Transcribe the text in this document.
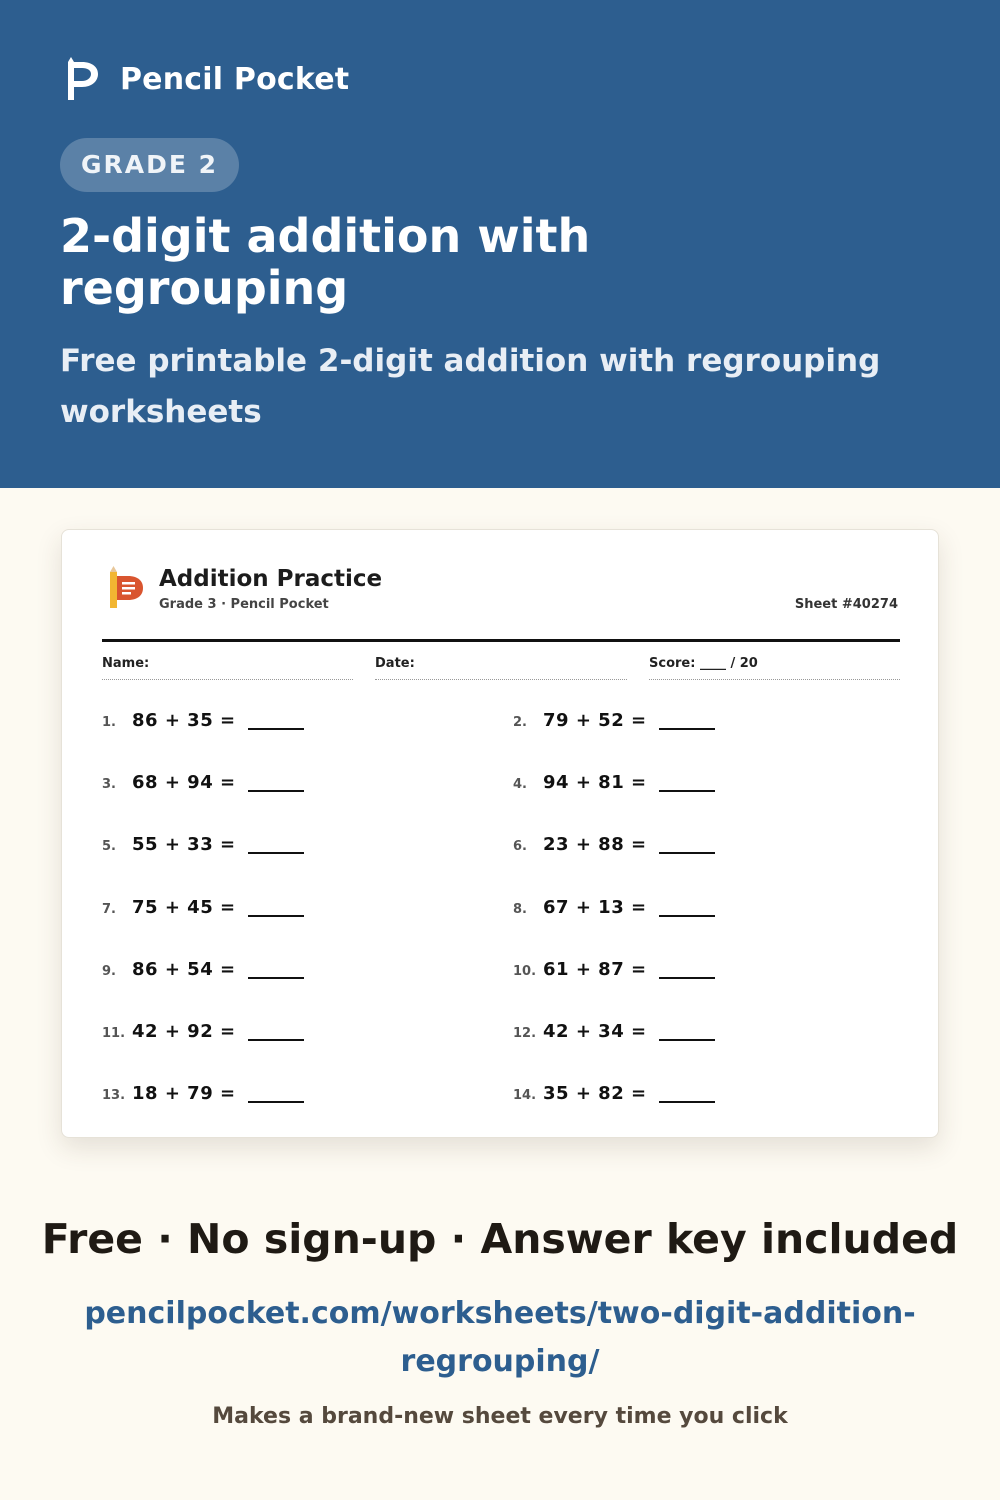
Pencil Pocket
GRADE 2
2-digit addition with regrouping

Free printable 2-digit addition with regrouping worksheets

Addition Practice
Grade 3 · Pencil Pocket	Sheet #40274
Name:	Date:	Score: ____ / 20
1. 86 + 35 =	2. 79 + 52 =
3. 68 + 94 =	4. 94 + 81 =
5. 55 + 33 =	6. 23 + 88 =
7. 75 + 45 =	8. 67 + 13 =
9. 86 + 54 =	10. 61 + 87 =
11. 42 + 92 =	12. 42 + 34 =
13. 18 + 79 =	14. 35 + 82 =
Free · No sign-up · Answer key included
pencilpocket.com/worksheets/two-digit-addition-regrouping/
Makes a brand-new sheet every time you click
